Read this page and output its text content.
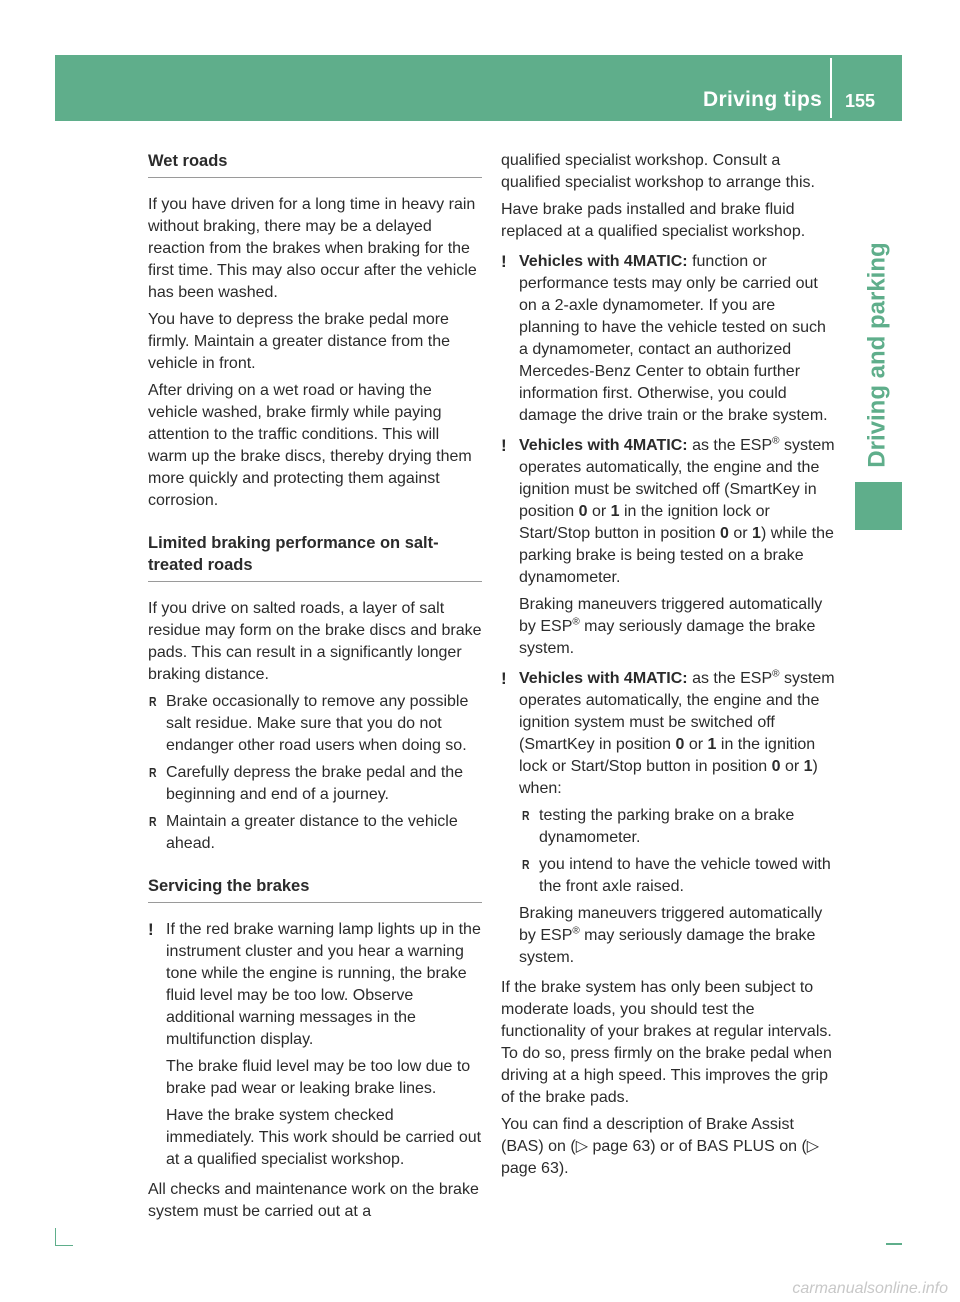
Driving tips 155
Driving and parking
Wet roads

If you have driven for a long time in heavy rain without braking, there may be a delayed reaction from the brakes when braking for the first time. This may also occur after the vehicle has been washed.

You have to depress the brake pedal more firmly. Maintain a greater distance from the vehicle in front.

After driving on a wet road or having the vehicle washed, brake firmly while paying attention to the traffic conditions. This will warm up the brake discs, thereby drying them more quickly and protecting them against corrosion.

Limited braking performance on salt-treated roads

If you drive on salted roads, a layer of salt residue may form on the brake discs and brake pads. This can result in a significantly longer braking distance.

R Brake occasionally to remove any possible salt residue. Make sure that you do not endanger other road users when doing so.
R Carefully depress the brake pedal and the beginning and end of a journey.
R Maintain a greater distance to the vehicle ahead.
Servicing the brakes
! If the red brake warning lamp lights up in the instrument cluster and you hear a warning tone while the engine is running, the brake fluid level may be too low. Observe additional warning messages in the multifunction display.

The brake fluid level may be too low due to brake pad wear or leaking brake lines.

Have the brake system checked immediately. This work should be carried out at a qualified specialist workshop.

All checks and maintenance work on the brake system must be carried out at a

qualified specialist workshop. Consult a qualified specialist workshop to arrange this.

Have brake pads installed and brake fluid replaced at a qualified specialist workshop.

! Vehicles with 4MATIC: function or performance tests may only be carried out on a 2-axle dynamometer. If you are planning to have the vehicle tested on such a dynamometer, contact an authorized Mercedes-Benz Center to obtain further information first. Otherwise, you could damage the drive train or the brake system.

! Vehicles with 4MATIC: as the ESP® system operates automatically, the engine and the ignition must be switched off (SmartKey in position 0 or 1 in the ignition lock or Start/Stop button in position 0 or 1) while the parking brake is being tested on a brake dynamometer.

Braking maneuvers triggered automatically by ESP® may seriously damage the brake system.

! Vehicles with 4MATIC: as the ESP® system operates automatically, the engine and the ignition system must be switched off (SmartKey in position 0 or 1 in the ignition lock or Start/Stop button in position 0 or 1) when:

R testing the parking brake on a brake dynamometer.
R you intend to have the vehicle towed with the front axle raised.

Braking maneuvers triggered automatically by ESP® may seriously damage the brake system.

If the brake system has only been subject to moderate loads, you should test the functionality of your brakes at regular intervals. To do so, press firmly on the brake pedal when driving at a high speed. This improves the grip of the brake pads.

You can find a description of Brake Assist (BAS) on (▷ page 63) or of BAS PLUS on (▷ page 63).

carmanualsonline.info
